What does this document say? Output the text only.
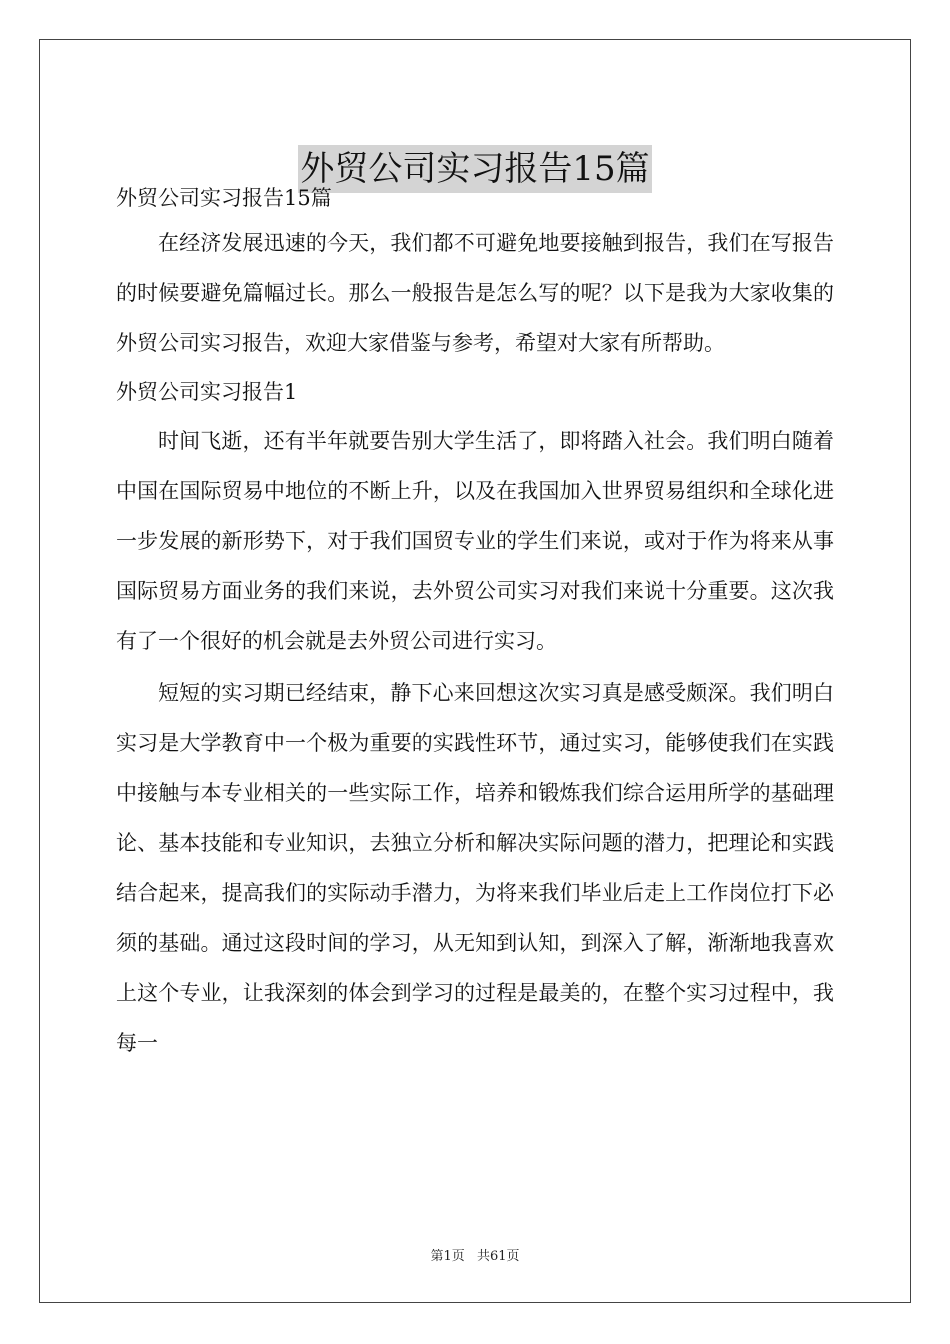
外贸公司实习报告15篇

外贸公司实习报告15篇

在经济发展迅速的今天，我们都不可避免地要接触到报告，我们在写报告的时候要避免篇幅过长。那么一般报告是怎么写的呢？以下是我为大家收集的外贸公司实习报告，欢迎大家借鉴与参考，希望对大家有所帮助。

外贸公司实习报告1

时间飞逝，还有半年就要告别大学生活了，即将踏入社会。我们明白随着中国在国际贸易中地位的不断上升，以及在我国加入世界贸易组织和全球化进一步发展的新形势下，对于我们国贸专业的学生们来说，或对于作为将来从事国际贸易方面业务的我们来说，去外贸公司实习对我们来说十分重要。这次我有了一个很好的机会就是去外贸公司进行实习。

短短的实习期已经结束，静下心来回想这次实习真是感受颇深。我们明白实习是大学教育中一个极为重要的实践性环节，通过实习，能够使我们在实践中接触与本专业相关的一些实际工作，培养和锻炼我们综合运用所学的基础理论、基本技能和专业知识，去独立分析和解决实际问题的潜力，把理论和实践结合起来，提高我们的实际动手潜力，为将来我们毕业后走上工作岗位打下必须的基础。通过这段时间的学习，从无知到认知，到深入了解，渐渐地我喜欢上这个专业，让我深刻的体会到学习的过程是最美的，在整个实习过程中，我每一

第1页 共61页
